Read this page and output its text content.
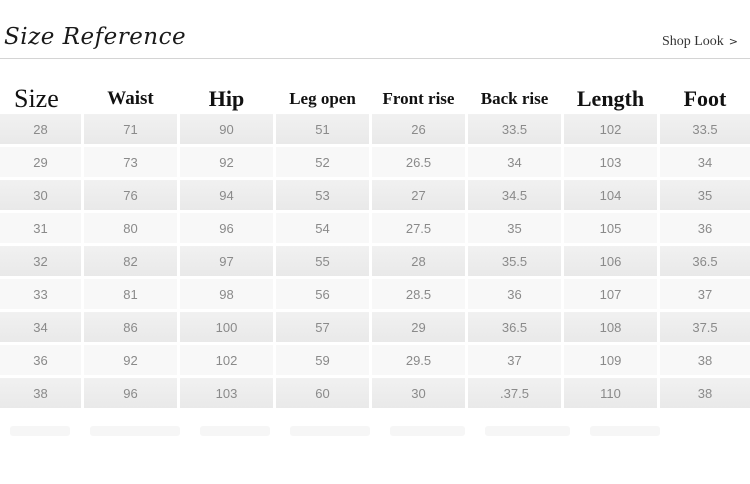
Size Reference	Shop Look >
Size	Waist	Hip	Leg open	Front rise	Back rise	Length	Foot
28	71	90	51	26	33.5	102	33.5
29	73	92	52	26.5	34	103	34
30	76	94	53	27	34.5	104	35
31	80	96	54	27.5	35	105	36
32	82	97	55	28	35.5	106	36.5
33	81	98	56	28.5	36	107	37
34	86	100	57	29	36.5	108	37.5
36	92	102	59	29.5	37	109	38
38	96	103	60	30	.37.5	110	38
